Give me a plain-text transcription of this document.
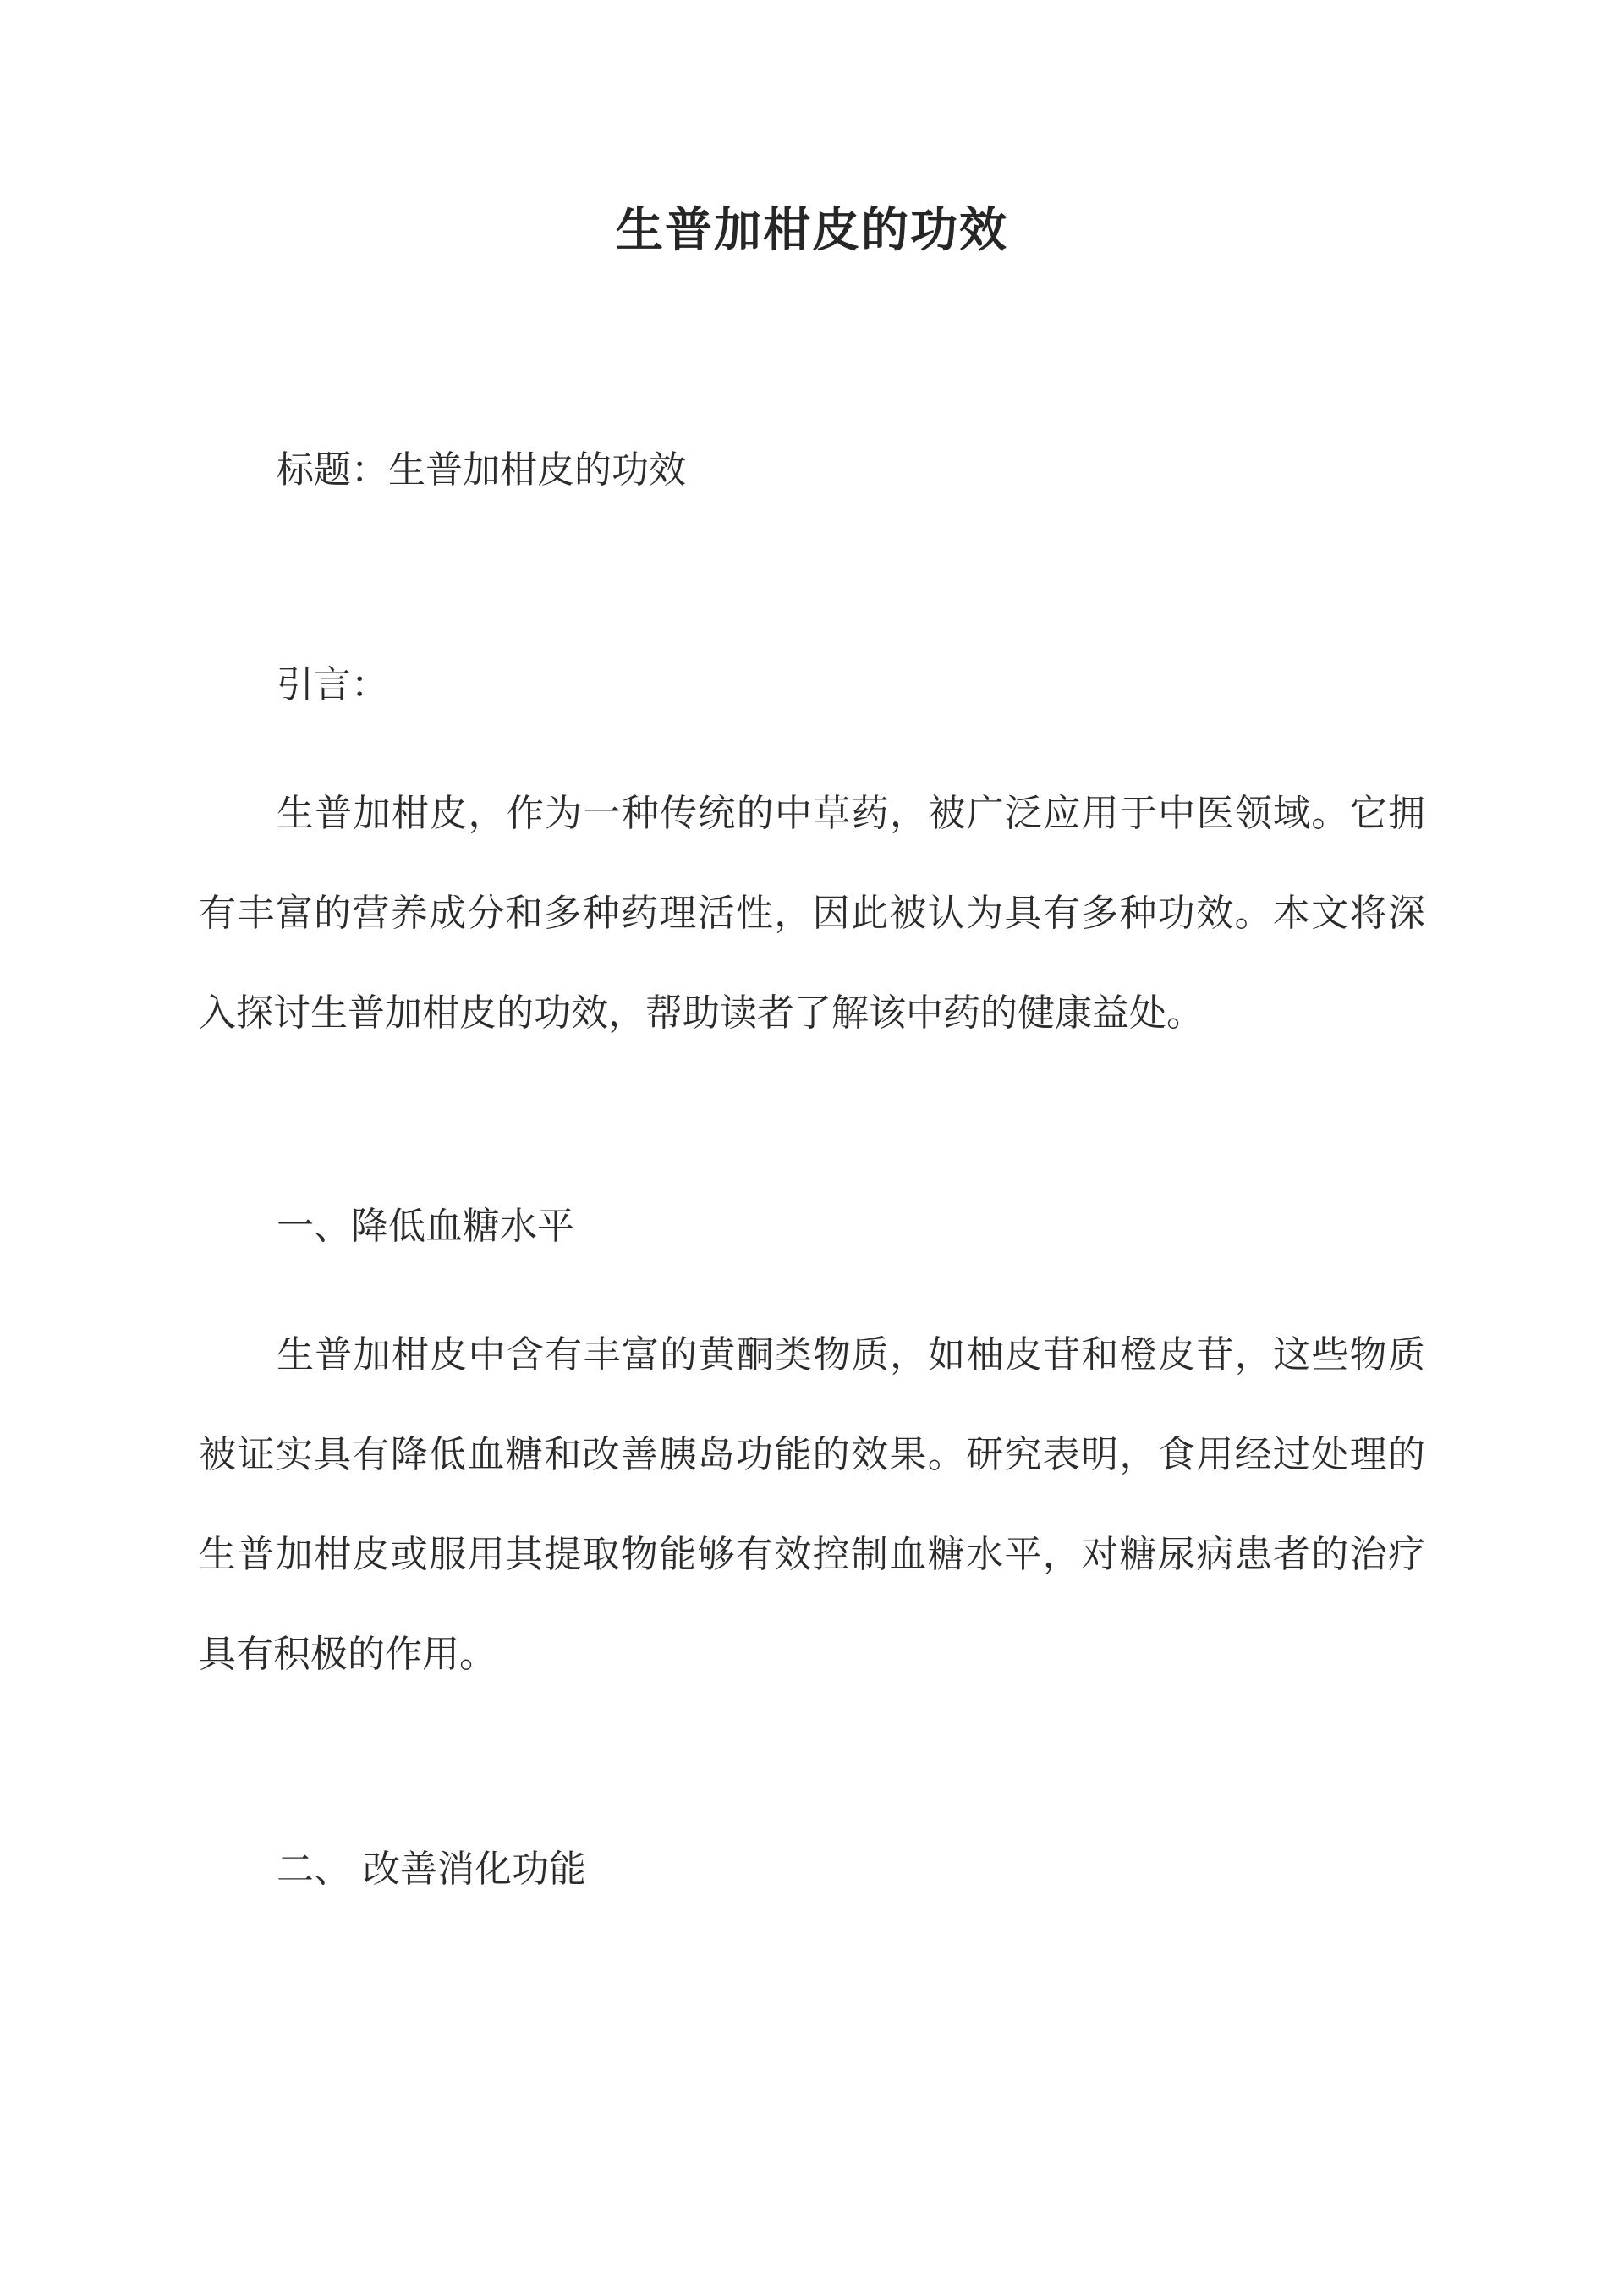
生普加柑皮的功效

标题：生普加柑皮的功效

引言：

生普加柑皮，作为一种传统的中草药，被广泛应用于中医领域。它拥

有丰富的营养成分和多种药理活性，因此被认为具有多种功效。本文将深

入探讨生普加柑皮的功效，帮助读者了解该中药的健康益处。

一、降低血糖水平

生普加柑皮中含有丰富的黄酮类物质，如柚皮苷和橙皮苷，这些物质

被证实具有降低血糖和改善胰岛功能的效果。研究表明，食用经过处理的

生普加柑皮或服用其提取物能够有效控制血糖水平，对糖尿病患者的治疗

具有积极的作用。

二、 改善消化功能
